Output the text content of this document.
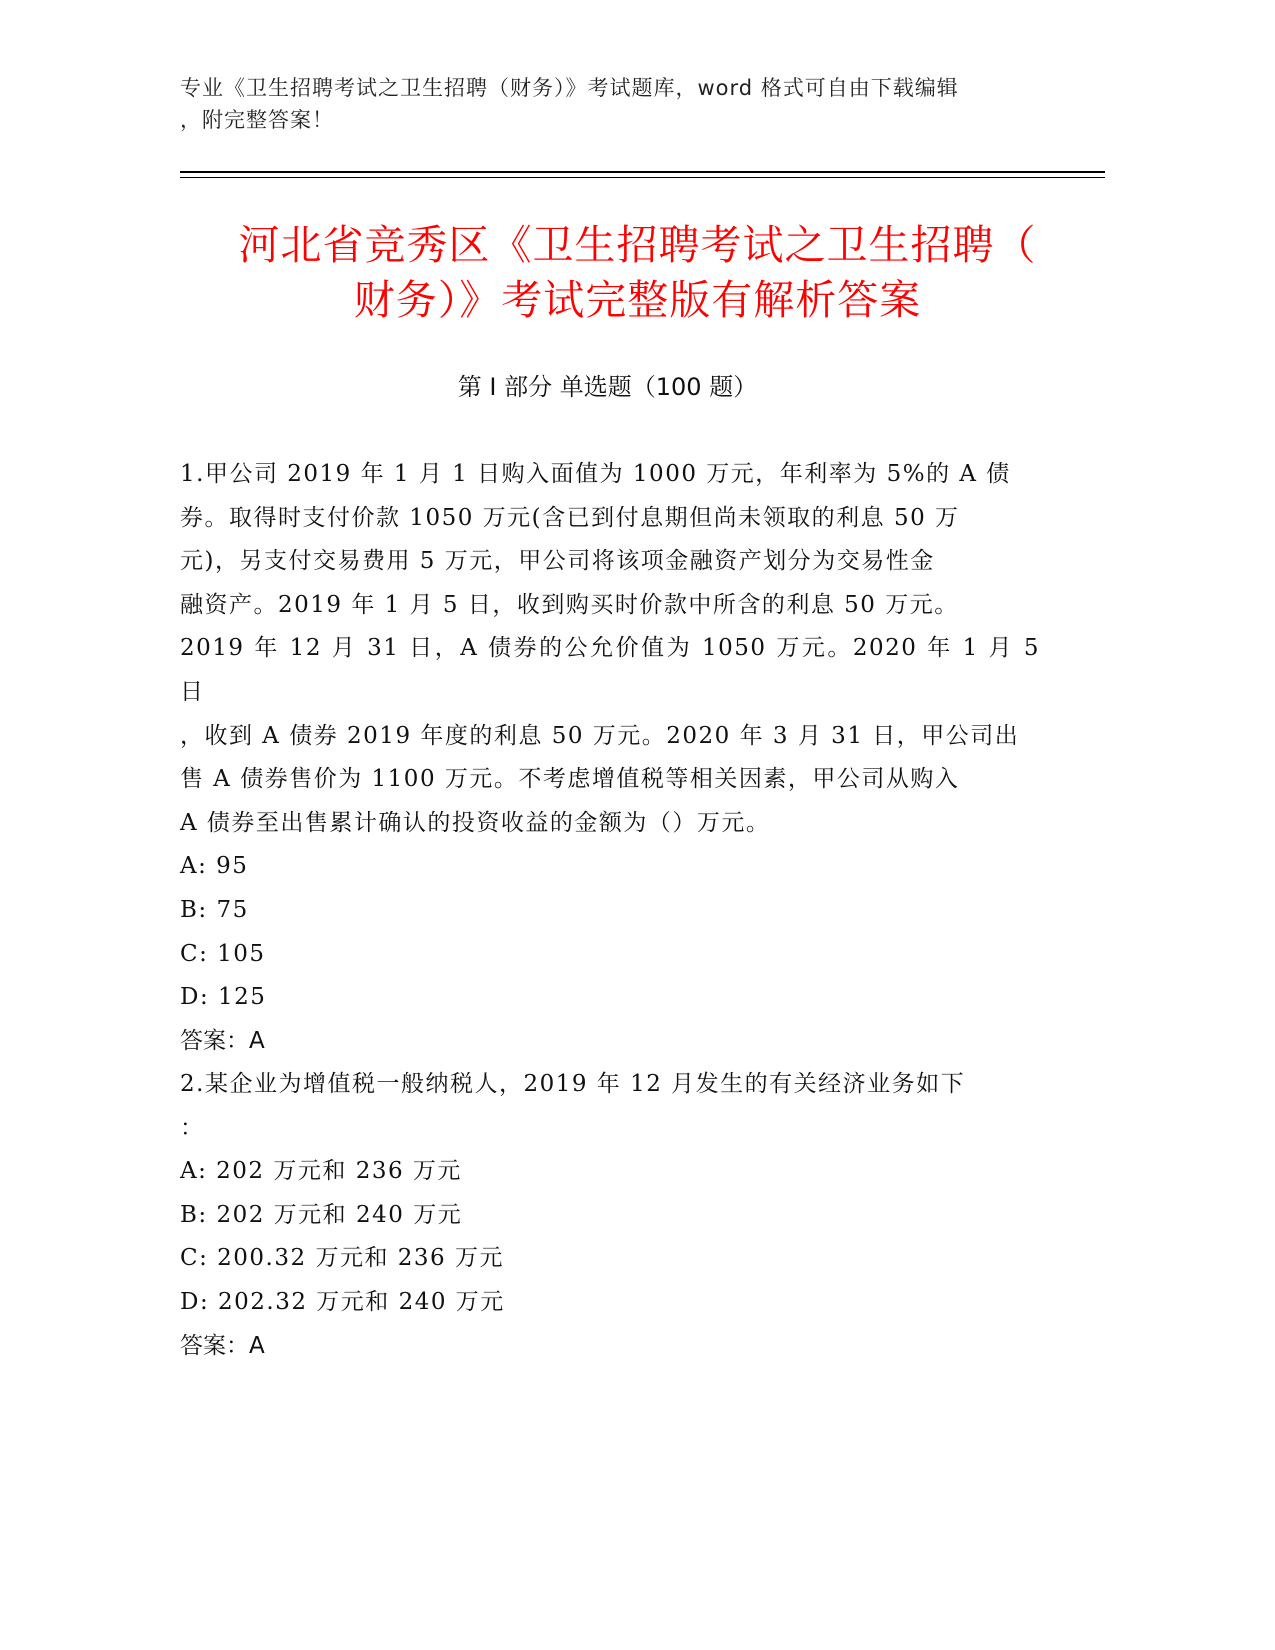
专业《卫生招聘考试之卫生招聘（财务）》考试题库，word 格式可自由下载编辑
，附完整答案！
河北省竞秀区《卫生招聘考试之卫生招聘（
财务）》考试完整版有解析答案
第 I 部分 单选题（100 题）

1.甲公司 2019 年 1 月 1 日购入面值为 1000 万元，年利率为 5%的 A 债
券。取得时支付价款 1050 万元(含已到付息期但尚未领取的利息 50 万
元)，另支付交易费用 5 万元，甲公司将该项金融资产划分为交易性金
融资产。2019 年 1 月 5 日，收到购买时价款中所含的利息 50 万元。
2019 年 12 月 31 日，A 债券的公允价值为 1050 万元。2020 年 1 月 5 日
，收到 A 债券 2019 年度的利息 50 万元。2020 年 3 月 31 日，甲公司出
售 A 债券售价为 1100 万元。不考虑增值税等相关因素，甲公司从购入
A 债券至出售累计确认的投资收益的金额为（）万元。

A: 95

B: 75

C: 105

D: 125

答案：A

2.某企业为增值税一般纳税人，2019 年 12 月发生的有关经济业务如下
：

A: 202 万元和 236 万元

B: 202 万元和 240 万元

C: 200.32 万元和 236 万元

D: 202.32 万元和 240 万元

答案：A
